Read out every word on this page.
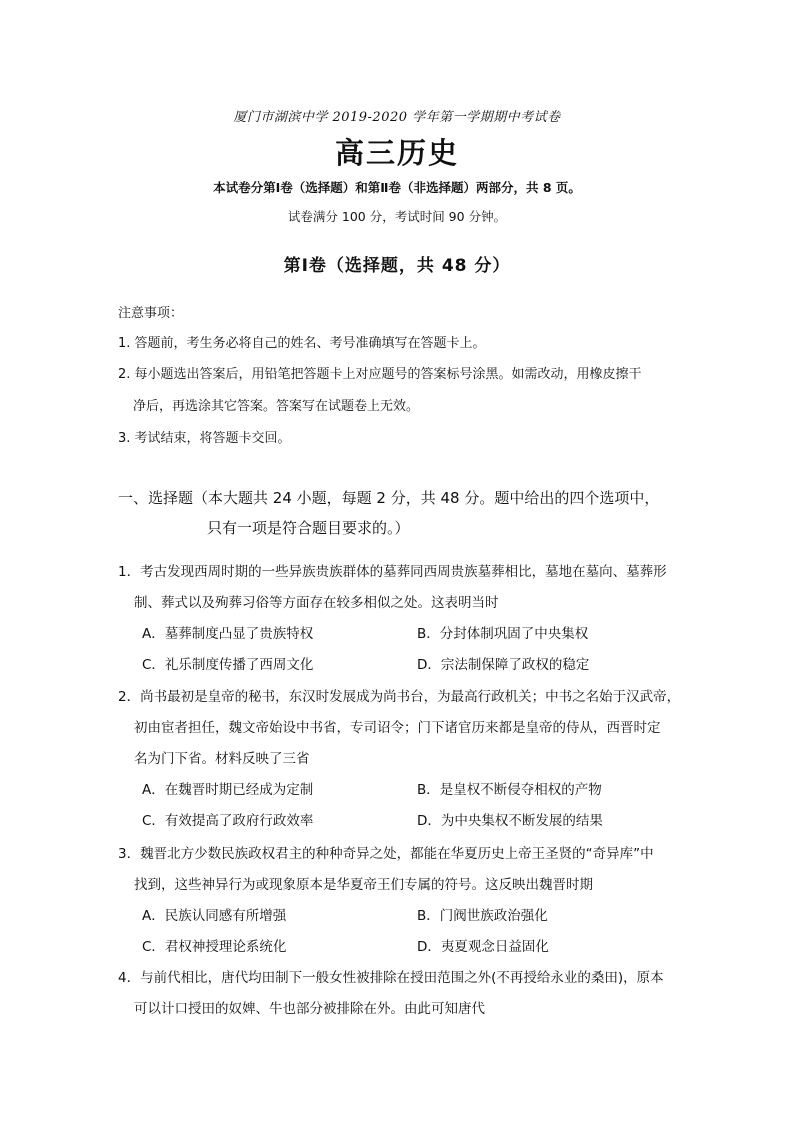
厦门市湖滨中学 2019-2020 学年第一学期期中考试卷
高三历史
本试卷分第Ⅰ卷（选择题）和第Ⅱ卷（非选择题）两部分，共 8 页。
试卷满分 100 分，考试时间 90 分钟。
第Ⅰ卷（选择题，共 48 分）
注意事项：
1. 答题前，考生务必将自己的姓名、考号准确填写在答题卡上。
2. 每小题选出答案后，用铅笔把答题卡上对应题号的答案标号涂黑。如需改动，用橡皮擦干
净后，再选涂其它答案。答案写在试题卷上无效。
3. 考试结束，将答题卡交回。
一、选择题（本大题共 24 小题，每题 2 分，共 48 分。题中给出的四个选项中，
只有一项是符合题目要求的。）
1．考古发现西周时期的一些异族贵族群体的墓葬同西周贵族墓葬相比，墓地在墓向、墓葬形
制、葬式以及殉葬习俗等方面存在较多相似之处。这表明当时
A．墓葬制度凸显了贵族特权	B．分封体制巩固了中央集权
C．礼乐制度传播了西周文化	D．宗法制保障了政权的稳定
2．尚书最初是皇帝的秘书，东汉时发展成为尚书台，为最高行政机关；中书之名始于汉武帝，
初由宦者担任，魏文帝始设中书省，专司诏令；门下诸官历来都是皇帝的侍从，西晋时定
名为门下省。材料反映了三省
A．在魏晋时期已经成为定制	B．是皇权不断侵夺相权的产物
C．有效提高了政府行政效率	D．为中央集权不断发展的结果
3．魏晋北方少数民族政权君主的种种奇异之处，都能在华夏历史上帝王圣贤的“奇异库”中
找到，这些神异行为或现象原本是华夏帝王们专属的符号。这反映出魏晋时期
A．民族认同感有所增强	B．门阀世族政治强化
C．君权神授理论系统化	D．夷夏观念日益固化
4．与前代相比，唐代均田制下一般女性被排除在授田范围之外(不再授给永业的桑田)，原本
可以计口授田的奴婢、牛也部分被排除在外。由此可知唐代
